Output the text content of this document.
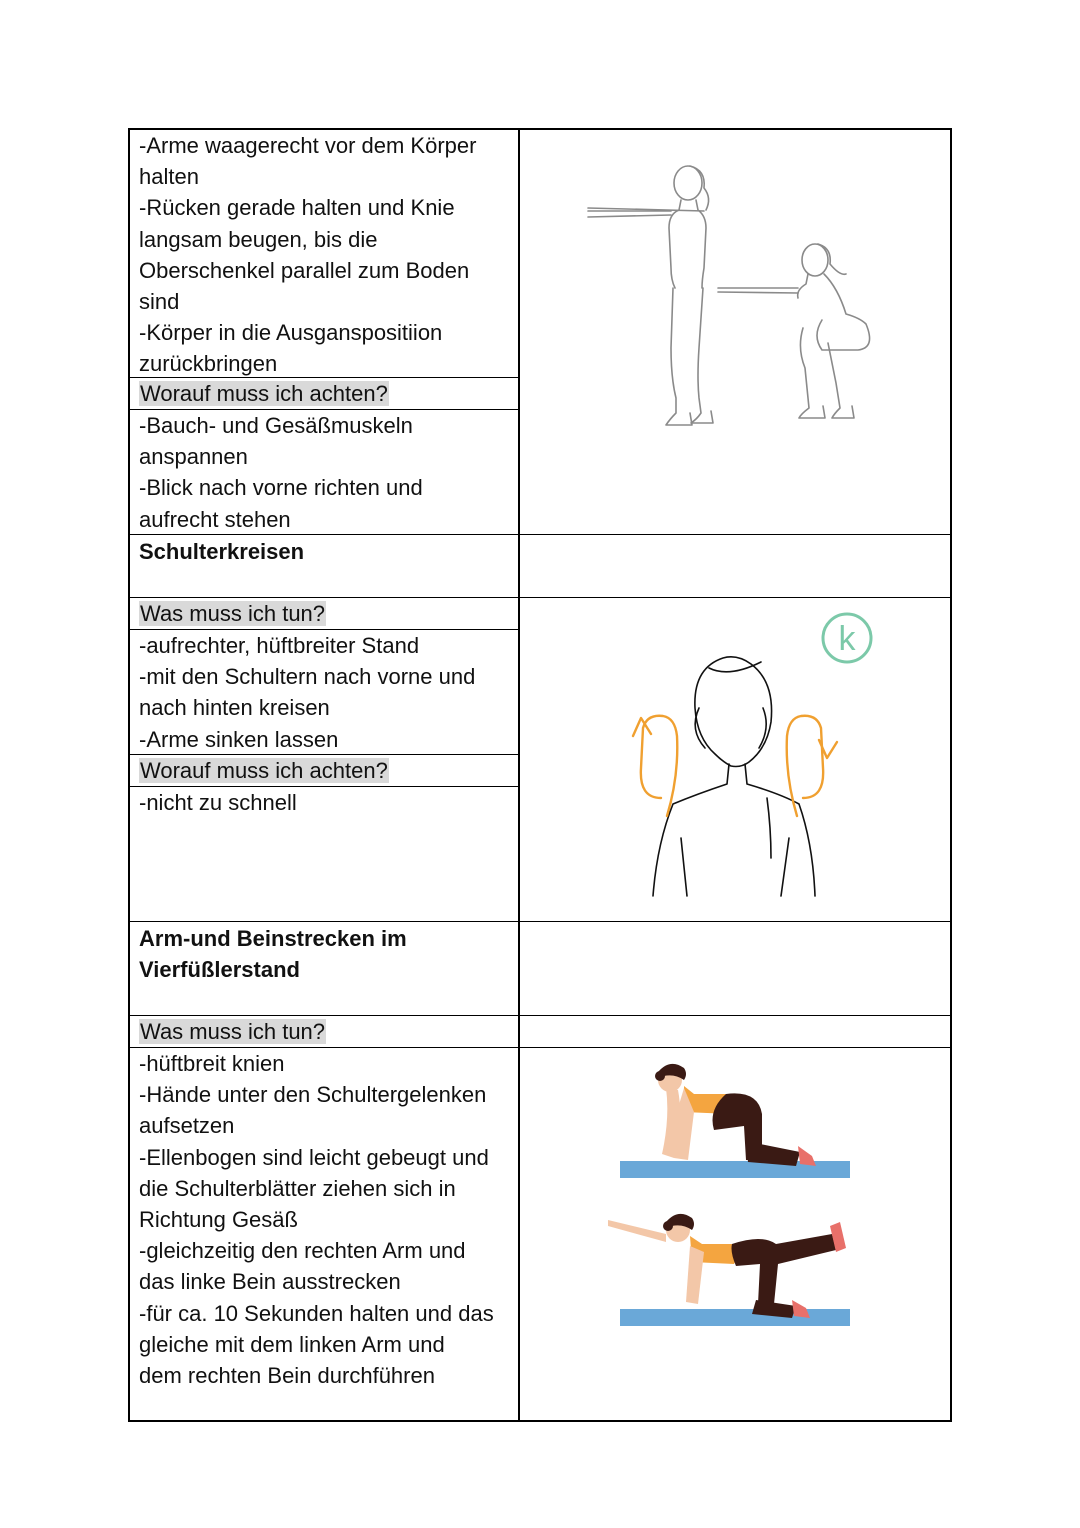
-Arme waagerecht vor dem Körper
halten
-Rücken gerade halten und Knie
langsam beugen, bis die
Oberschenkel parallel zum Boden
sind
-Körper in die Ausganspositiion
zurückbringen
Worauf muss ich achten?
-Bauch- und Gesäßmuskeln
anspannen
-Blick nach vorne richten und
aufrecht stehen
Schulterkreisen
Was muss ich tun?
-aufrechter, hüftbreiter Stand
-mit den Schultern nach vorne und
nach hinten kreisen
-Arme sinken lassen
Worauf muss ich achten?
-nicht zu schnell
Arm-und Beinstrecken im
Vierfüßlerstand
Was muss ich tun?
-hüftbreit knien
-Hände unter den Schultergelenken
aufsetzen
-Ellenbogen sind leicht gebeugt und
die Schulterblätter ziehen sich in
Richtung Gesäß
-gleichzeitig den rechten Arm und
das linke Bein ausstrecken
-für ca. 10 Sekunden halten und das
gleiche mit dem linken Arm und
dem rechten Bein durchführen
k
